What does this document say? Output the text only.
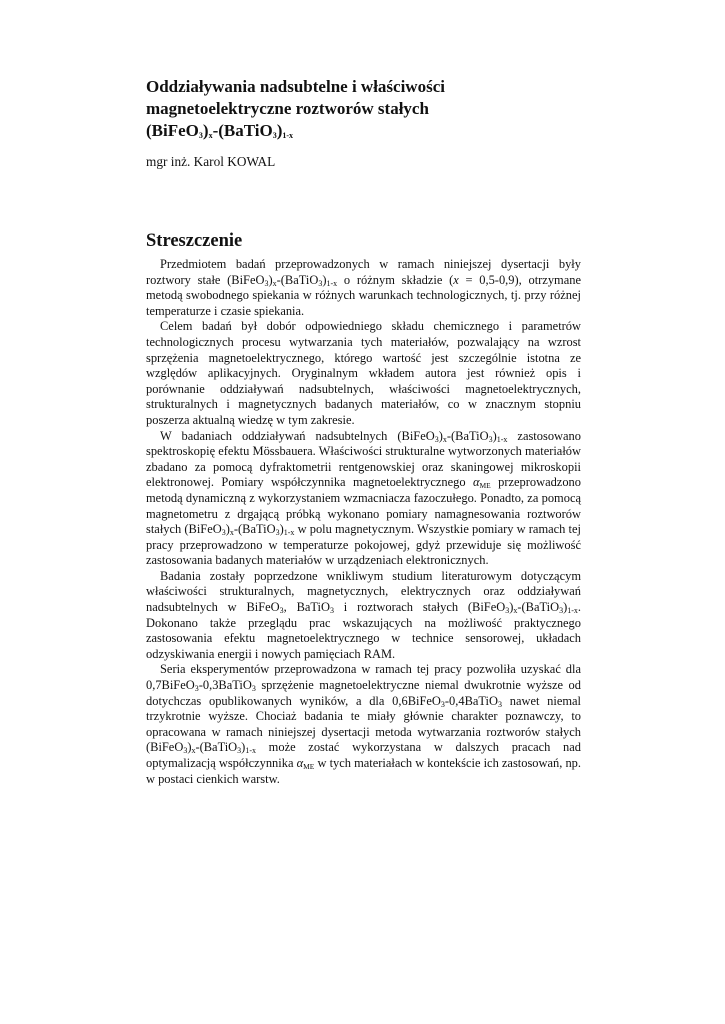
Oddziaływania nadsubtelne i właściwości
magnetoelektryczne roztworów stałych
$(BiFeO_3)_x-(BaTiO_3)_{1-x}$
mgr inż. Karol KOWAL
Streszczenie

Przedmiotem badań przeprowadzonych w ramach niniejszej dysertacji były roztwory stałe $(BiFeO_3)_x-(BaTiO_3)_{1-x}$ o różnym składzie (x = 0,5-0,9), otrzymane metodą swobodnego spiekania w różnych warunkach technologicznych, tj. przy różnej temperaturze i czasie spiekania.

Celem badań był dobór odpowiedniego składu chemicznego i parametrów technologicznych procesu wytwarzania tych materiałów, pozwalający na wzrost sprzężenia magnetoelektrycznego, którego wartość jest szczególnie istotna ze względów aplikacyjnych. Oryginalnym wkładem autora jest również opis i porównanie oddziaływań nadsubtelnych, właściwości magnetoelektrycznych, strukturalnych i magnetycznych badanych materiałów, co w znacznym stopniu poszerza aktualną wiedzę w tym zakresie.

W badaniach oddziaływań nadsubtelnych $(BiFeO_3)_x-(BaTiO_3)_{1-x}$ zastosowano spektroskopię efektu Mössbauera. Właściwości strukturalne wytworzonych materiałów zbadano za pomocą dyfraktometrii rentgenowskiej oraz skaningowej mikroskopii elektronowej. Pomiary współczynnika magnetoelektrycznego $\alpha_{ME}$ przeprowadzono metodą dynamiczną z wykorzystaniem wzmacniacza fazoczułego. Ponadto, za pomocą magnetometru z drgającą próbką wykonano pomiary namagnesowania roztworów stałych $(BiFeO_3)_x-(BaTiO_3)_{1-x}$ w polu magnetycznym. Wszystkie pomiary w ramach tej pracy przeprowadzono w temperaturze pokojowej, gdyż przewiduje się możliwość zastosowania badanych materiałów w urządzeniach elektronicznych.

Badania zostały poprzedzone wnikliwym studium literaturowym dotyczącym właściwości strukturalnych, magnetycznych, elektrycznych oraz oddziaływań nadsubtelnych w BiFeO$_3$, BaTiO$_3$ i roztworach stałych $(BiFeO_3)_x-(BaTiO_3)_{1-x}$. Dokonano także przeglądu prac wskazujących na możliwość praktycznego zastosowania efektu magnetoelektrycznego w technice sensorowej, układach odzyskiwania energii i nowych pamięciach RAM.

Seria eksperymentów przeprowadzona w ramach tej pracy pozwoliła uzyskać dla 0,7BiFeO$_3$-0,3BaTiO$_3$ sprzężenie magnetoelektryczne niemal dwukrotnie wyższe od dotychczas opublikowanych wyników, a dla 0,6BiFeO$_3$-0,4BaTiO$_3$ nawet niemal trzykrotnie wyższe. Chociaż badania te miały głównie charakter poznawczy, to opracowana w ramach niniejszej dysertacji metoda wytwarzania roztworów stałych $(BiFeO_3)_x-(BaTiO_3)_{1-x}$ może zostać wykorzystana w dalszych pracach nad optymalizacją współczynnika $\alpha_{ME}$ w tych materiałach w kontekście ich zastosowań, np. w postaci cienkich warstw.
